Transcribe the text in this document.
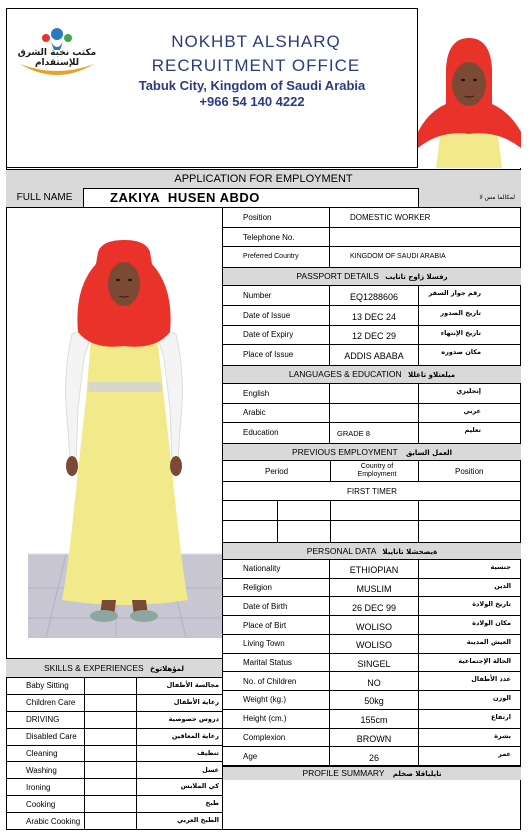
مكتب نخبة الشرق للإستقدام
NOKHBT ALSHARQ
RECRUITMENT OFFICE
Tabuk City, Kingdom of Saudi Arabia
+966 54 140 4222
APPLICATION FOR EMPLOYMENT
FULL NAME	ZAKIYA  HUSEN ABDO	لمكالما مس لا
Position	DOMESTIC WORKER
Telephone No.
Preferred Country	KINGDOM OF SAUDI ARABIA
PASSPORT DETAILS رفسلا زاوج تانايب
Number	EQ1288606	رقم جواز السفر
Date of Issue	13 DEC 24	تاريخ الصدور
Date of Expiry	12 DEC 29	تاريخ الإنتهاء
Place of Issue	ADDIS ABABA	مكان صدوره
LANGUAGES & EDUCATION ميلعتلاو تاغللا
English	إنجليزي
Arabic	عربي
Education	GRADE 8	تعليم
PREVIOUS EMPLOYMENT العمل السابق
Period
Country of Employment	Position
FIRST TIMER
PERSONAL DATA ةيصخشلا تانايبلا
Nationality	ETHIOPIAN	جنسية
Religion	MUSLIM	الدين
Date of Birth	26 DEC 99	تاريخ الولادة
Place of Birt	WOLISO	مكان الولادة
Living Town	WOLISO	العيش المدينة
Marital Status	SINGEL	الحالة الإجتماعية
No. of Children	NO	عدد الأطفال
Weight (kg.)	50kg	الوزن
Height (cm.)	155cm	ارتفاع
Complexion	BROWN	بشرة
Age	26	عمر
PROFILE SUMMARY تايلباقلا صخلم
SKILLS & EXPERIENCES لمؤهلاتوخ
Baby Sitting	مجالسة الأطفال
Children Care	رعاية الأطفال
DRIVING	دروس خصوصية
Disabled Care	رعاية المعاقين
Cleaning	تنظيف
Washing	غسل
Ironing	كي الملابس
Cooking	طبخ
Arabic Cooking	الطبخ العربي
